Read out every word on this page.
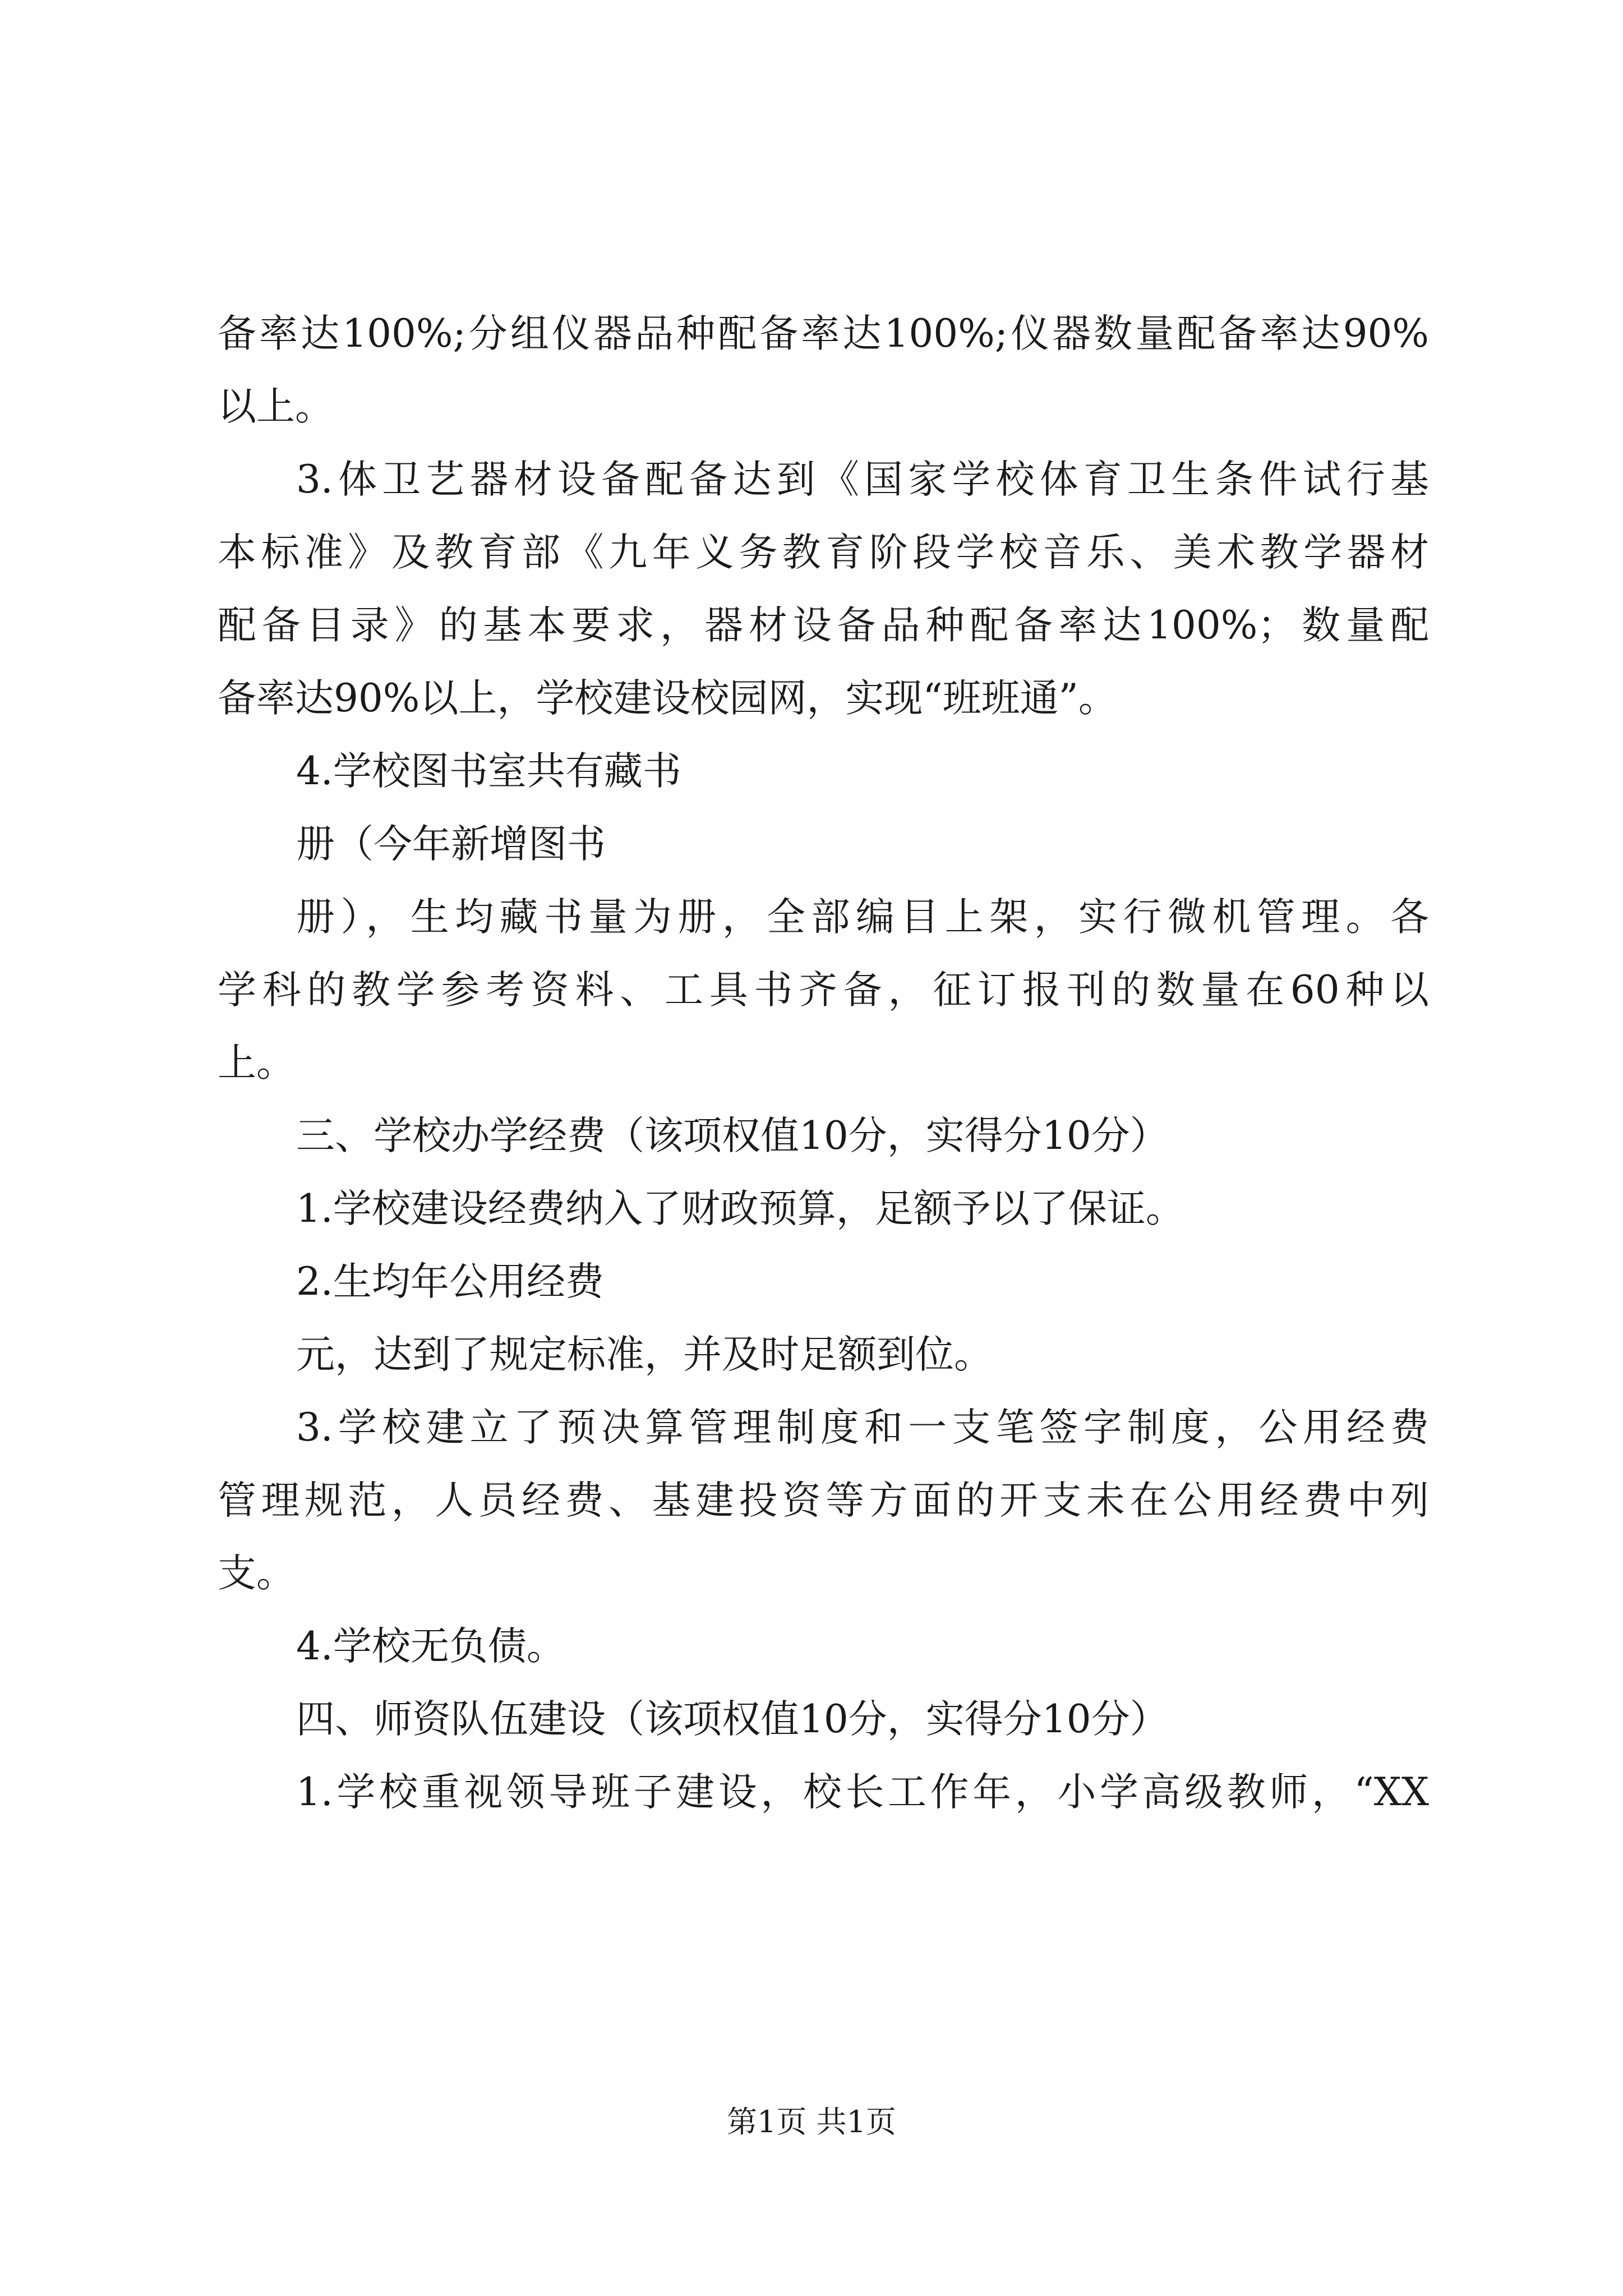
备率达100%;分组仪器品种配备率达100%;仪器数量配备率达90%
以上。
3.体卫艺器材设备配备达到《国家学校体育卫生条件试行基
本标准》及教育部《九年义务教育阶段学校音乐、美术教学器材
配备目录》的基本要求，器材设备品种配备率达100%；数量配
备率达90%以上，学校建设校园网，实现“班班通”。
4.学校图书室共有藏书
册（今年新增图书
册），生均藏书量为册，全部编目上架，实行微机管理。各
学科的教学参考资料、工具书齐备，征订报刊的数量在60种以
上。
三、学校办学经费（该项权值10分，实得分10分）
1.学校建设经费纳入了财政预算，足额予以了保证。
2.生均年公用经费
元，达到了规定标准，并及时足额到位。
3.学校建立了预决算管理制度和一支笔签字制度，公用经费
管理规范，人员经费、基建投资等方面的开支未在公用经费中列
支。
4.学校无负债。
四、师资队伍建设（该项权值10分，实得分10分）
1.学校重视领导班子建设，校长工作年，小学高级教师，“XX
第1页 共1页
